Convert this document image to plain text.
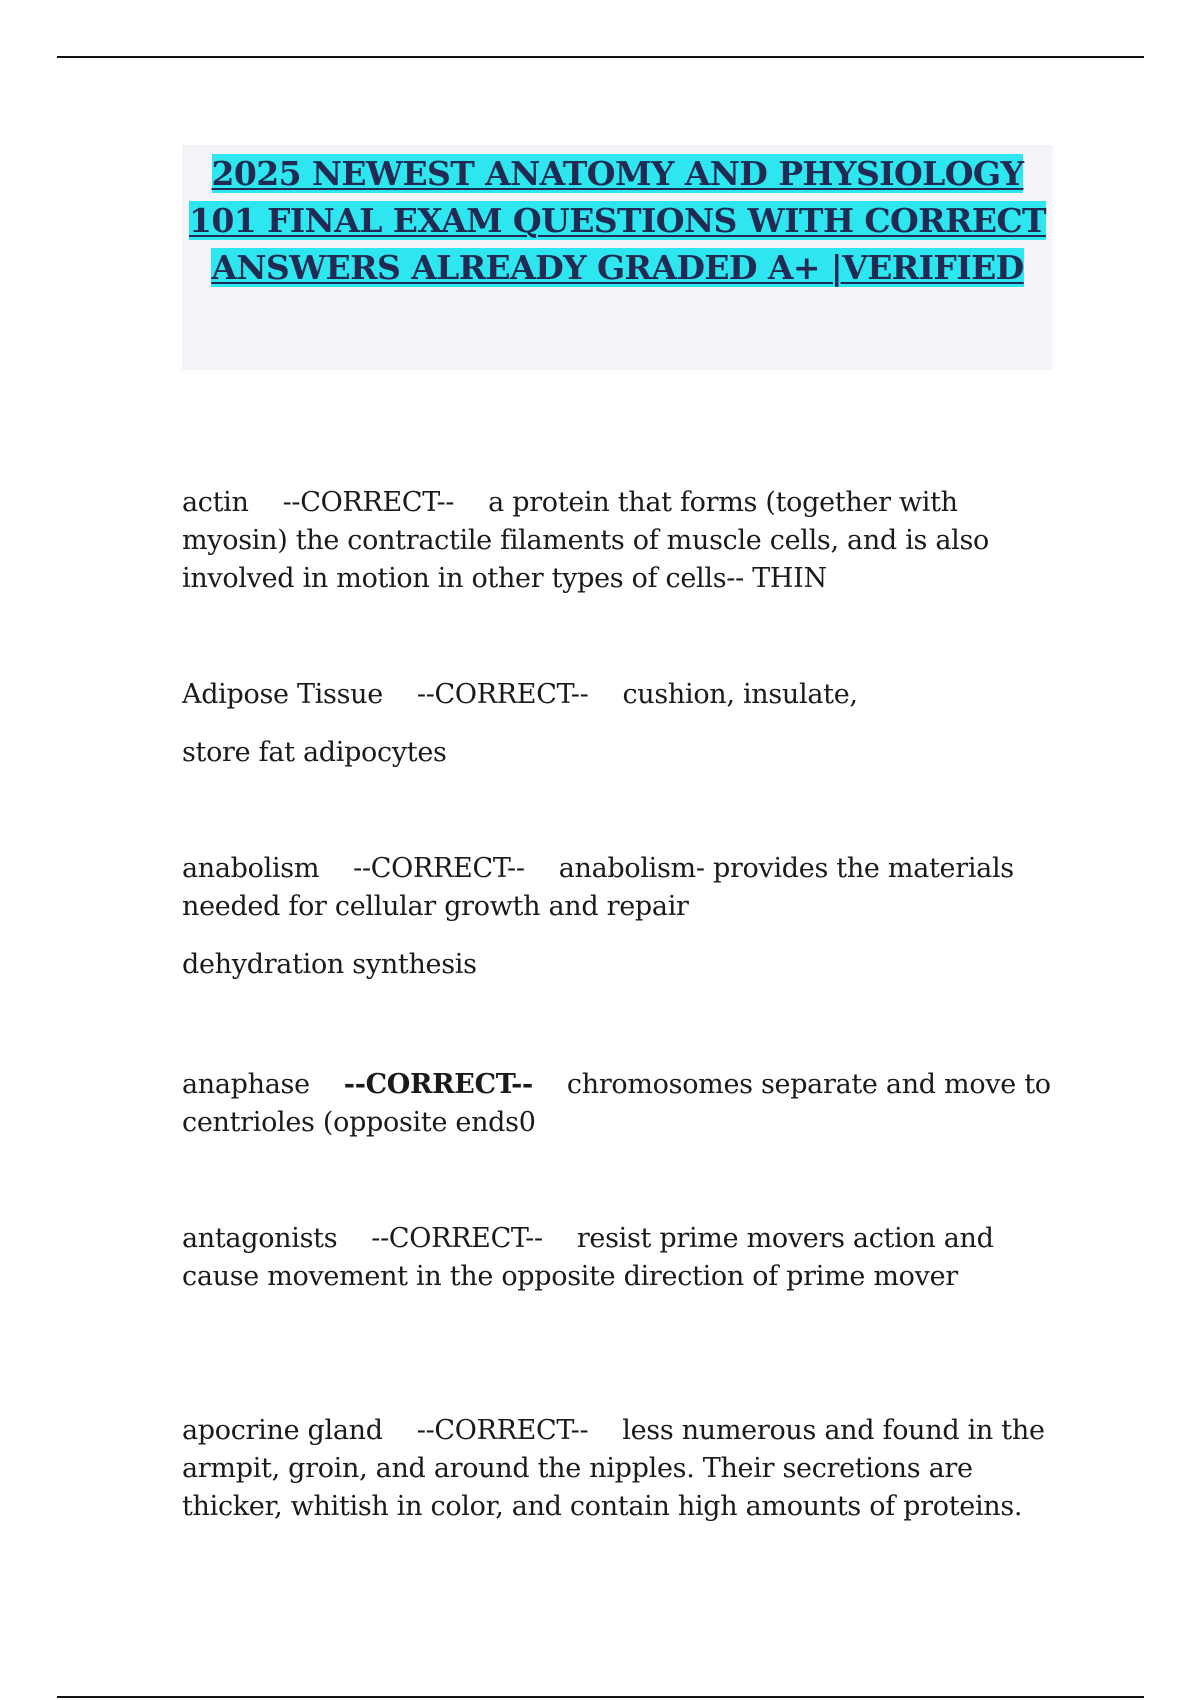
2025 NEWEST ANATOMY AND PHYSIOLOGY
101 FINAL EXAM QUESTIONS WITH CORRECT
ANSWERS ALREADY GRADED A+ |VERIFIED

actin --CORRECT-- a protein that forms (together with myosin) the contractile filaments of muscle cells, and is also involved in motion in other types of cells-- THIN

Adipose Tissue --CORRECT-- cushion, insulate,

store fat adipocytes

anabolism --CORRECT-- anabolism- provides the materials needed for cellular growth and repair

dehydration synthesis

anaphase --CORRECT-- chromosomes separate and move to centrioles (opposite ends0

antagonists --CORRECT-- resist prime movers action and cause movement in the opposite direction of prime mover

apocrine gland --CORRECT-- less numerous and found in the armpit, groin, and around the nipples. Their secretions are thicker, whitish in color, and contain high amounts of proteins.
